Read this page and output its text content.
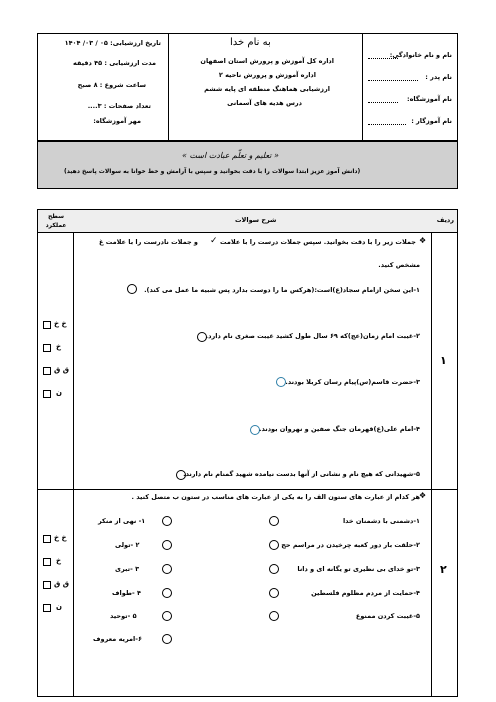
نام و نام خانوادگی:
نام پدر :
نام آموزشگاه:
نام آموزگار :
به نام خدا
اداره کل آموزش و پرورش استان اصفهان
اداره آموزش و پرورش ناحیه ۲
ارزشیابی هماهنگ منطقه ای پایه ششم
درس هدیه های آسمانی
تاریخ ارزشیابی: ۰۵ / ۰۳/ ۱۴۰۴
مدت ارزشیابی : ۴۵ دقیقه
ساعت شروع : ۸ صبح
تعداد صفحات : ۳....
مهر آموزشگاه:
« تعلیم و تعلّم عبادت است »
(دانش آموز عزیز ابتدا سوالات را با دقت بخوانید و سپس با آرامش و خط خوانا به سوالات پاسخ دهید)
ردیف
شرح سوالات
سطح عملکرد
۱
❖
و جملات نادرست را با علامت غ ✓ جملات زیر را با دقت بخوانید. سپس جملات درست را با علامت
مشخص کنید.
۱-این سخن ازامام سجاد(ع)است:(هرکس ما را دوست بدارد پس شبیه ما عمل می کند).
۲-غیبت امام زمان(عج)که ۶۹ سال طول کشید غیبت صغری نام دارد.
۳-حضرت قاسم(س)پیام رسان کربلا بودند.
۴-امام علی(ع)قهرمان جنگ صفین و نهروان بودند.
۵-شهیدانی که هیچ نام و نشانی از آنها بدست نیامده شهید گمنام نام دارند.
خ خ
خ
ق ق
ن
۲
❖
هر کدام از عبارت های ستون الف را به یکی از عبارت های مناسب در ستون ب متصل کنید .
۱-دشمنی با دشمنان خدا
۲-حلقت بار دور کعبه چرخیدن در مراسم حج
۳-تو خدای بی نظیری تو یگانه ای و دانا
۴-حمایت از مردم مظلوم فلسطین
۵-غیبت کردن ممنوع
۱- نهی از منکر
۲ -تولی
۳ -تبری
۴ -طواف
۵ -توحید
۶-امریه معروف
خ خ
خ
ق ق
ن
